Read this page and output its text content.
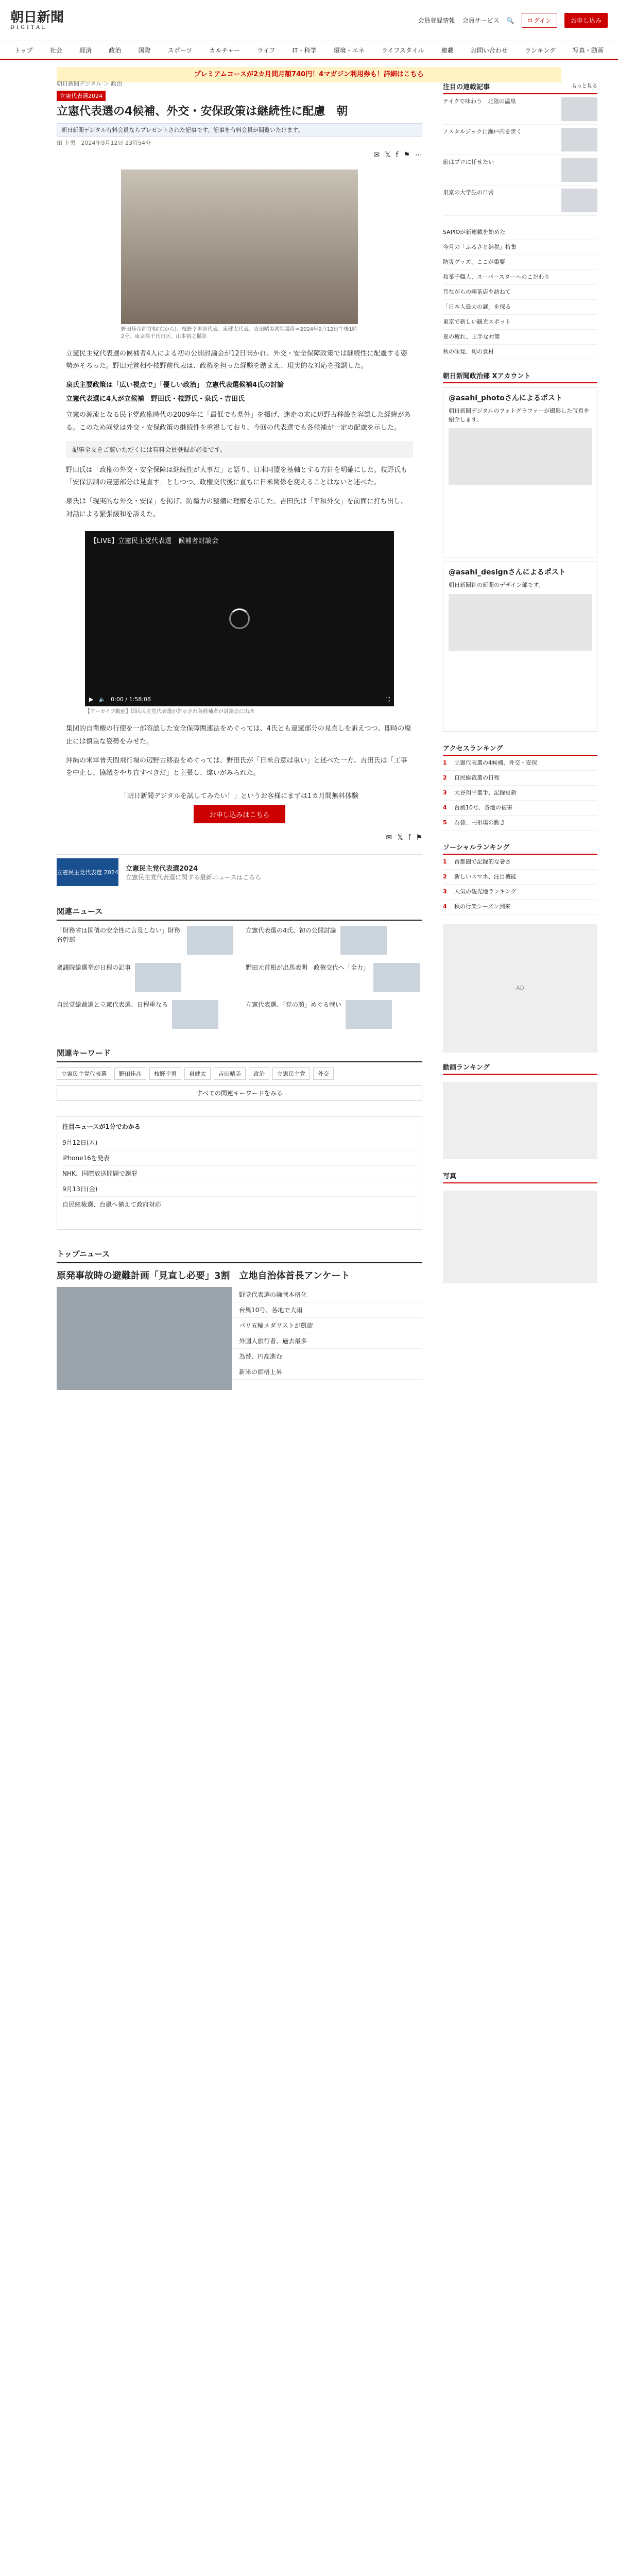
朝日新聞
DIGITAL
会員登録情報 会員サービス 🔍	ログイン	お申し込み
トップ	社会	経済	政治	国際	スポーツ	カルチャー	ライフ	IT・科学	環境・エネ	ライフスタイル	連載	お問い合わせ	ランキング	写真・動画
プレミアムコースが2カ月間月額740円！4マガジン利用券も！詳細はこちら
朝日新聞デジタル ＞ 政治
立憲代表選2024
立憲代表選の4候補、外交・安保政策は継続性に配慮　朝
朝日新聞デジタル有料会員ならプレゼントされた記事です。記事を有料会員が閲覧いたけます。
田 上勇　 2024年9月12日 23時54分
✉ 𝕏 f ⚑ ⋯
野田佳彦前首相(右から)、枝野幸男前代表、泉健太代表、吉田晴美衆院議員＝2024年9月12日午後1時2分、東京都千代田区、山本裕之撮影

立憲民主党代表選の候補者4人による初の公開討論会が12日開かれ、外交・安全保障政策では継続性に配慮する姿勢がそろった。野田元首相や枝野前代表は、政権を担った経験を踏まえ、現実的な対応を強調した。

泉氏主要政策は「広い視点で」「優しい政治」 立憲代表選候補4氏の討論
立憲代表選に4人が立候補　野田氏・枝野氏・泉氏・吉田氏

立憲の源流となる民主党政権時代の2009年に「最低でも県外」を掲げ、迷走の末に辺野古移設を容認した経緯がある。このため同党は外交・安保政策の継続性を重視しており、今回の代表選でも各候補が一定の配慮を示した。

記事全文をご覧いただくには有料会員登録が必要です。

野田氏は「政権の外交・安全保障は継続性が大事だ」と語り、日米同盟を基軸とする方針を明確にした。枝野氏も「安保法制の違憲部分は見直す」としつつ、政権交代後に直ちに日米関係を変えることはないと述べた。

泉氏は「現実的な外交・安保」を掲げ、防衛力の整備に理解を示した。吉田氏は「平和外交」を前面に打ち出し、対話による緊張緩和を訴えた。

【LIVE】立憲民主党代表選　候補者討論会
▶ 🔈 0:00 / 1:58:08	⛶
【アーカイブ動画】国民民主党代表選が告示され各候補者が討論会に出席

集団的自衛権の行使を一部容認した安全保障関連法をめぐっては、4氏とも違憲部分の見直しを訴えつつ、即時の廃止には慎重な姿勢をみせた。

沖縄の米軍普天間飛行場の辺野古移設をめぐっては、野田氏が「日米合意は重い」と述べた一方、吉田氏は「工事を中止し、協議をやり直すべきだ」と主張し、違いがみられた。

「朝日新聞デジタルを試してみたい！」というお客様にまずは1カ月間無料体験
お申し込みはこちら
✉ 𝕏 f ⚑
立憲民主党代表選 2024 立憲民主党代表選2024
立憲民主党代表選に関する最新ニュースはこちら
関連ニュース
「財務省は国債の安全性に言及しない」財務省幹部
立憲代表選の4氏、初の公開討論
衆議院総選挙が日程の記事	野田元首相が出馬表明　政権交代へ「全力」
自民党総裁選と立憲代表選、日程重なる	立憲代表選、「党の顔」めぐる戦い
関連キーワード
立憲民主党代表選	野田佳彦	枝野幸男	泉健太	吉田晴美	政治	立憲民主党	外交
すべての関連キーワードをみる
注目ニュースが1分でわかる
9月12日(木)
iPhone16を発表
NHK、国際放送問題で謝罪
9月13日(金)
自民総裁選、台風へ備えて政府対応
トップニュース
原発事故時の避難計画「見直し必要」3割　立地自治体首長アンケート
野党代表選の論戦本格化
台風10号、各地で大雨
パリ五輪メダリストが凱旋
外国人旅行者、過去最多
為替、円高進む
新米の価格上昇
注目の連載記事	もっと見る
テイクで味わう　北陸の温泉
ノスタルジックに瀬戸内を歩く
旅はプロに任せたい
東京の大学生の日常
SAPIOが新連載を始めた
今月の「ふるさと納税」特集
防災グッズ、ここが重要
和菓子職人、スーパースターへのこだわり
昔ながらの喫茶店を訪ねて
「日本人最大の謎」を探る
東京で新しい観光スポット
夏の疲れ、上手な対策
秋の味覚、旬の食材
朝日新聞政治部 Xアカウント
@asahi_photoさんによるポスト
朝日新聞デジタルのフォトグラファーが撮影した写真を紹介します。
@asahi_designさんによるポスト
朝日新聞社の新聞のデザイン部です。
アクセスランキング
1	立憲代表選の4候補、外交・安保
2	自民総裁選の日程
3	大谷翔平選手、記録更新
4	台風10号、各地の被害
5	為替、円相場の動き
ソーシャルランキング
1	首都圏で記録的な暑さ
2	新しいスマホ、注目機能
3	人気の観光地ランキング
4	秋の行楽シーズン到来
AD
動画ランキング
写真
